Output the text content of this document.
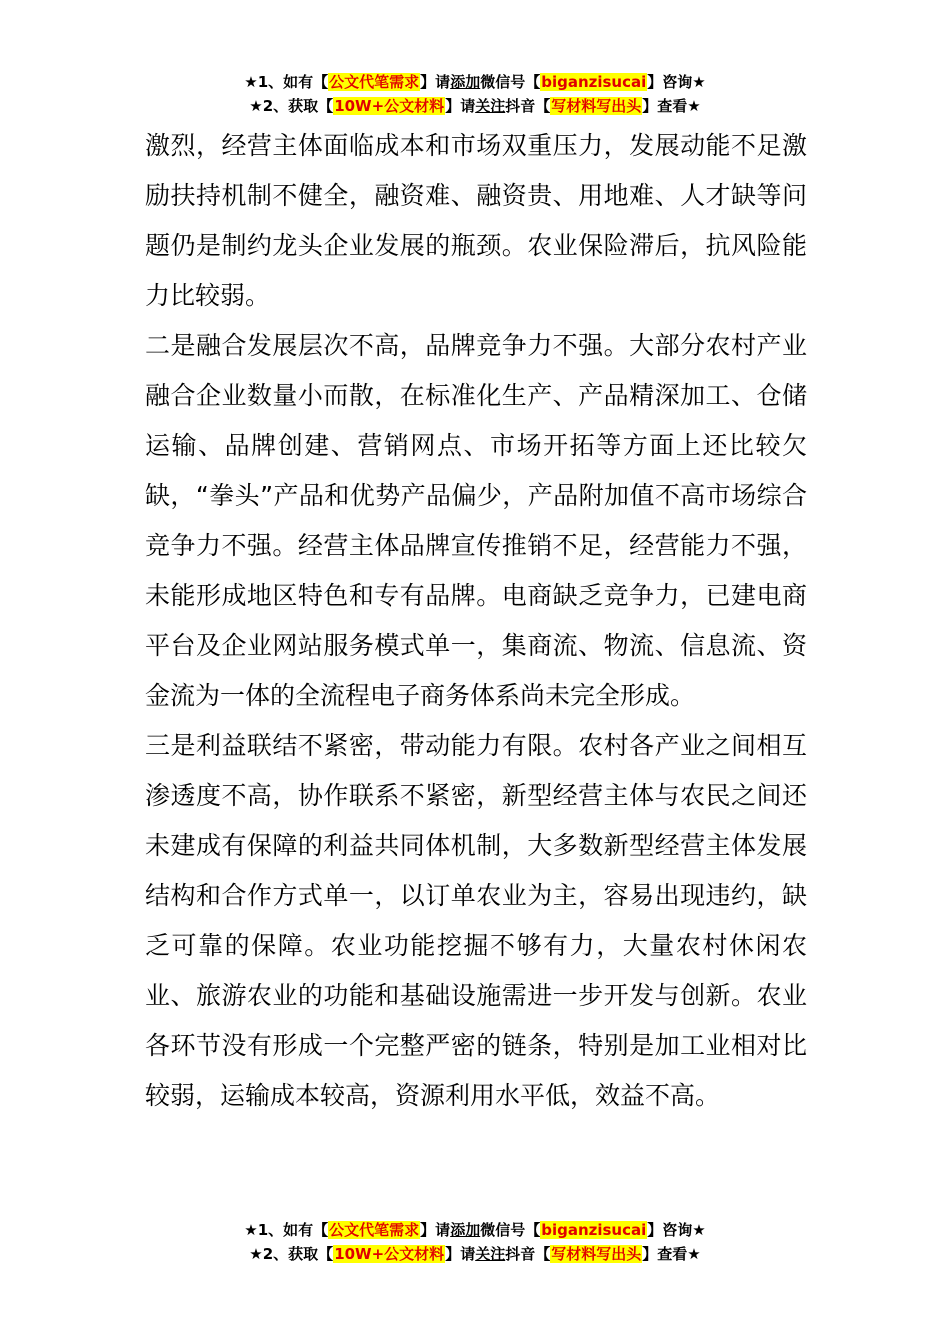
★1、如有【公文代笔需求】请添加微信号【biganzisucai】咨询★
★2、获取【10W+公文材料】请关注抖音【写材料写出头】查看★

激烈，经营主体面临成本和市场双重压力，发展动能不足激励扶持机制不健全，融资难、融资贵、用地难、人才缺等问题仍是制约龙头企业发展的瓶颈。农业保险滞后，抗风险能力比较弱。

二是融合发展层次不高，品牌竞争力不强。大部分农村产业融合企业数量小而散，在标准化生产、产品精深加工、仓储运输、品牌创建、营销网点、市场开拓等方面上还比较欠缺，“拳头”产品和优势产品偏少，产品附加值不高市场综合竞争力不强。经营主体品牌宣传推销不足，经营能力不强，未能形成地区特色和专有品牌。电商缺乏竞争力，已建电商平台及企业网站服务模式单一，集商流、物流、信息流、资金流为一体的全流程电子商务体系尚未完全形成。

三是利益联结不紧密，带动能力有限。农村各产业之间相互渗透度不高，协作联系不紧密，新型经营主体与农民之间还未建成有保障的利益共同体机制，大多数新型经营主体发展结构和合作方式单一，以订单农业为主，容易出现违约，缺乏可靠的保障。农业功能挖掘不够有力，大量农村休闲农业、旅游农业的功能和基础设施需进一步开发与创新。农业各环节没有形成一个完整严密的链条，特别是加工业相对比较弱，运输成本较高，资源利用水平低，效益不高。

★1、如有【公文代笔需求】请添加微信号【biganzisucai】咨询★
★2、获取【10W+公文材料】请关注抖音【写材料写出头】查看★
